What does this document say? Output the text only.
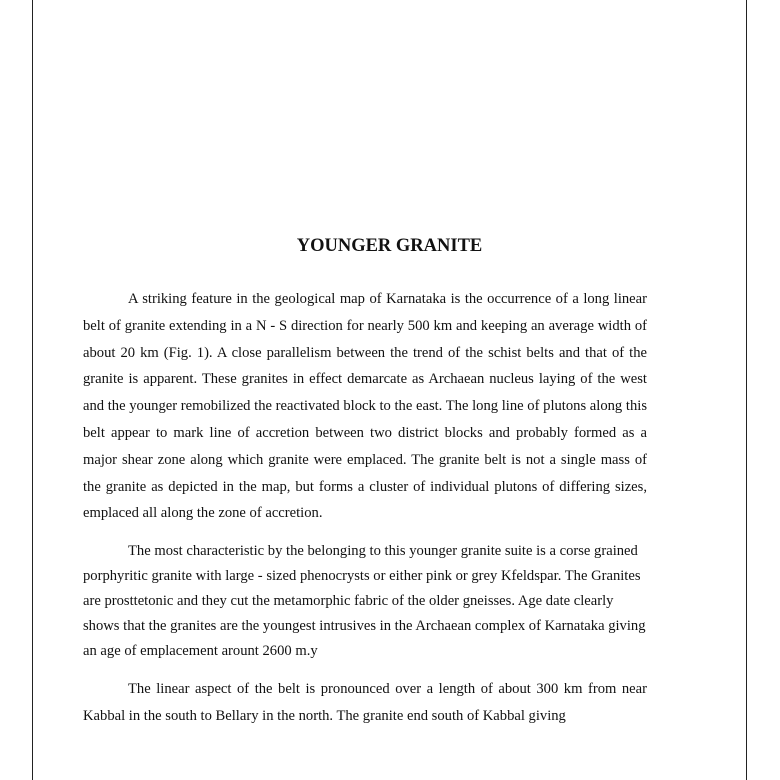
YOUNGER GRANITE

A striking feature in the geological map of Karnataka is the occurrence of a long linear belt of granite extending in a N - S direction for nearly 500 km and keeping an average width of about 20 km (Fig. 1). A close parallelism between the trend of the schist belts and that of the granite is apparent. These granites in effect demarcate as Archaean nucleus laying of the west and the younger remobilized the reactivated block to the east. The long line of plutons along this belt appear to mark line of accretion between two district blocks and probably formed as a major shear zone along which granite were emplaced. The granite belt is not a single mass of the granite as depicted in the map, but forms a cluster of individual plutons of differing sizes, emplaced all along the zone of accretion.

The most characteristic by the belonging to this younger granite suite is a corse grained porphyritic granite with large - sized phenocrysts or either pink or grey Kfeldspar. The Granites are prosttetonic and they cut the metamorphic fabric of the older gneisses. Age date clearly shows that the granites are the youngest intrusives in the Archaean complex of Karnataka giving an age of emplacement arount 2600 m.y

The linear aspect of the belt is pronounced over a length of about 300 km from near Kabbal in the south to Bellary in the north. The granite end south of Kabbal giving
